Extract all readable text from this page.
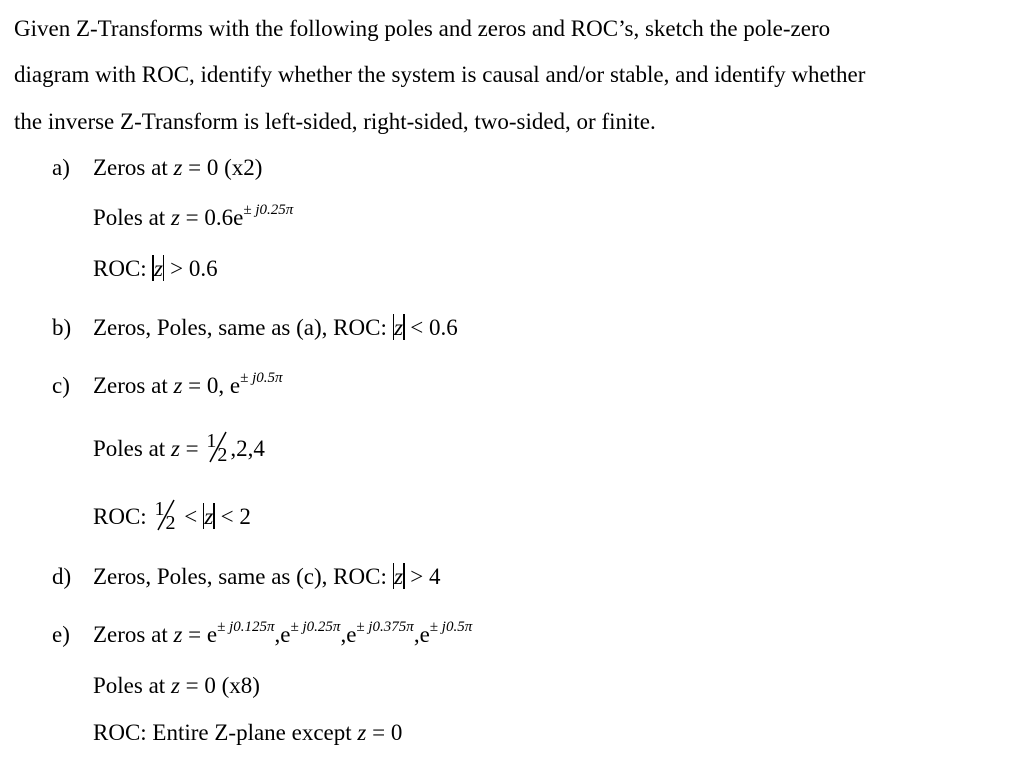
Given Z-Transforms with the following poles and zeros and ROC’s, sketch the pole-zero
diagram with ROC, identify whether the system is causal and/or stable, and identify whether
the inverse Z-Transform is left-sided, right-sided, two-sided, or finite.
a) Zeros at z = 0 (x2)
Poles at $z = 0.6e^{\pm j0.25\pi}$
ROC: z > 0.6
b) Zeros, Poles, same as (a), ROC: z < 0.6
c) Zeros at z = 0, $e^{\pm j0.5\pi}$
Poles at z = 1
2 ,2,4
ROC: 1
2 < z < 2
d) Zeros, Poles, same as (c), ROC: z > 4
e) Zeros at $z = e^{\pm j0.125\pi},e^{\pm j0.25\pi},e^{\pm j0.375\pi},e^{\pm j0.5\pi}$
Poles at z = 0 (x8)
ROC: Entire Z-plane except z = 0
